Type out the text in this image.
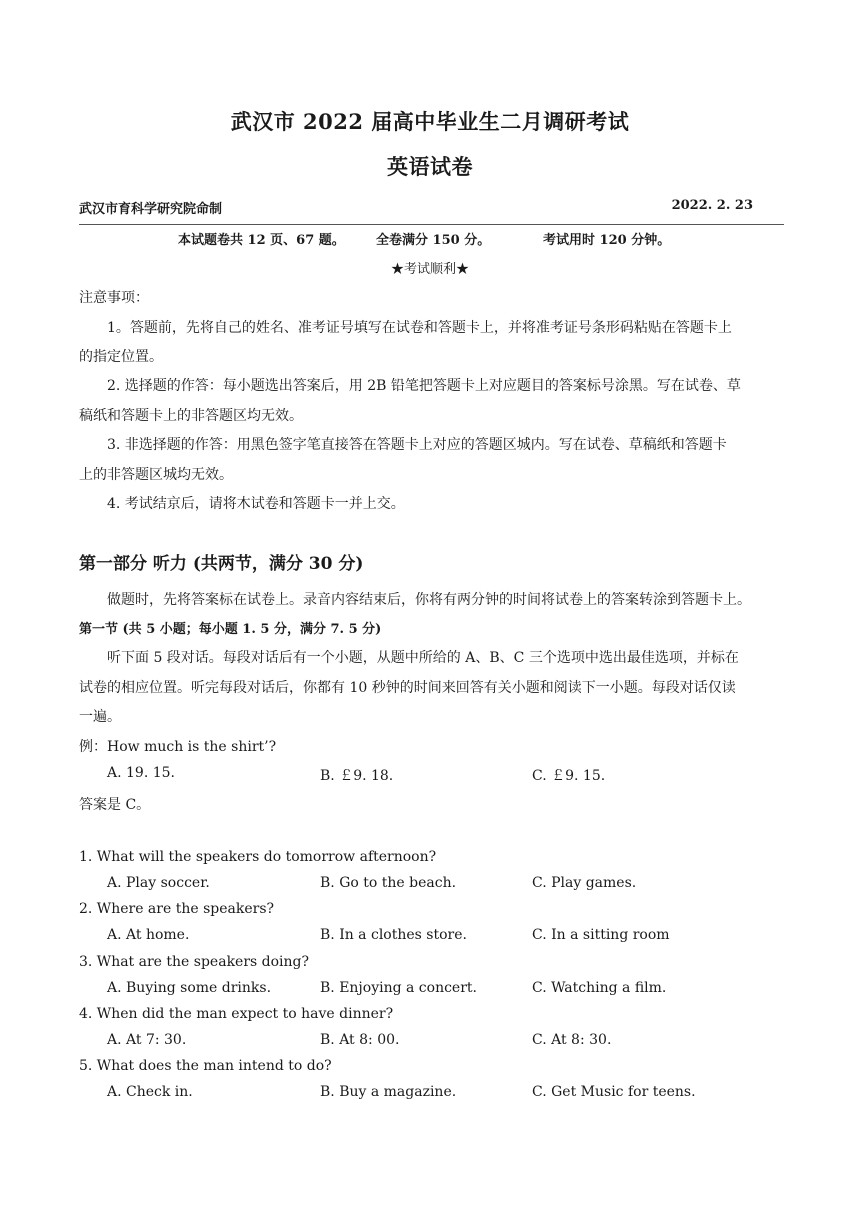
武汉市 2022 届高中毕业生二月调研考试
英语试卷
武汉市育科学研究院命制	2022. 2. 23
本试题卷共 12 页、67 题。 全卷满分 150 分。	考试用时 120 分钟。
★考试顺利★
注意事项：
1。答题前，先将自己的姓名、准考证号填写在试卷和答题卡上，并将准考证号条形码粘贴在答题卡上
的指定位置。
2. 选择题的作答：每小题选出答案后，用 2B 铅笔把答题卡上对应题目的答案标号涂黑。写在试卷、草
稿纸和答题卡上的非答题区均无效。
3. 非选择题的作答：用黑色签字笔直接答在答题卡上对应的答题区城内。写在试卷、草稿纸和答题卡
上的非答题区城均无效。
4. 考试结京后，请将木试卷和答题卡一并上交。
第一部分 听力 (共两节，满分 30 分)
做题时，先将答案标在试卷上。录音内容结束后，你将有两分钟的时间将试卷上的答案转涂到答题卡上。
第一节 (共 5 小题；每小题 1. 5 分，满分 7. 5 分)
听下面 5 段对话。每段对话后有一个小题，从题中所给的 A、B、C 三个选项中选出最佳选项，并标在
试卷的相应位置。听完每段对话后，你都有 10 秒钟的时间来回答有关小题和阅读下一小题。每段对话仅读
一遍。
例：How much is the shirt’?
A. 19. 15.	B. ￡9. 18.	C. ￡9. 15.
答案是 C。
1. What will the speakers do tomorrow afternoon?
A. Play soccer.	B. Go to the beach.	C. Play games.
2. Where are the speakers?
A. At home.	B. In a clothes store.	C. In a sitting room
3. What are the speakers doing?
A. Buying some drinks.	B. Enjoying a concert.	C. Watching a film.
4. When did the man expect to have dinner?
A. At 7: 30.	B. At 8: 00.	C. At 8: 30.
5. What does the man intend to do?
A. Check in.	B. Buy a magazine.	C. Get Music for teens.
